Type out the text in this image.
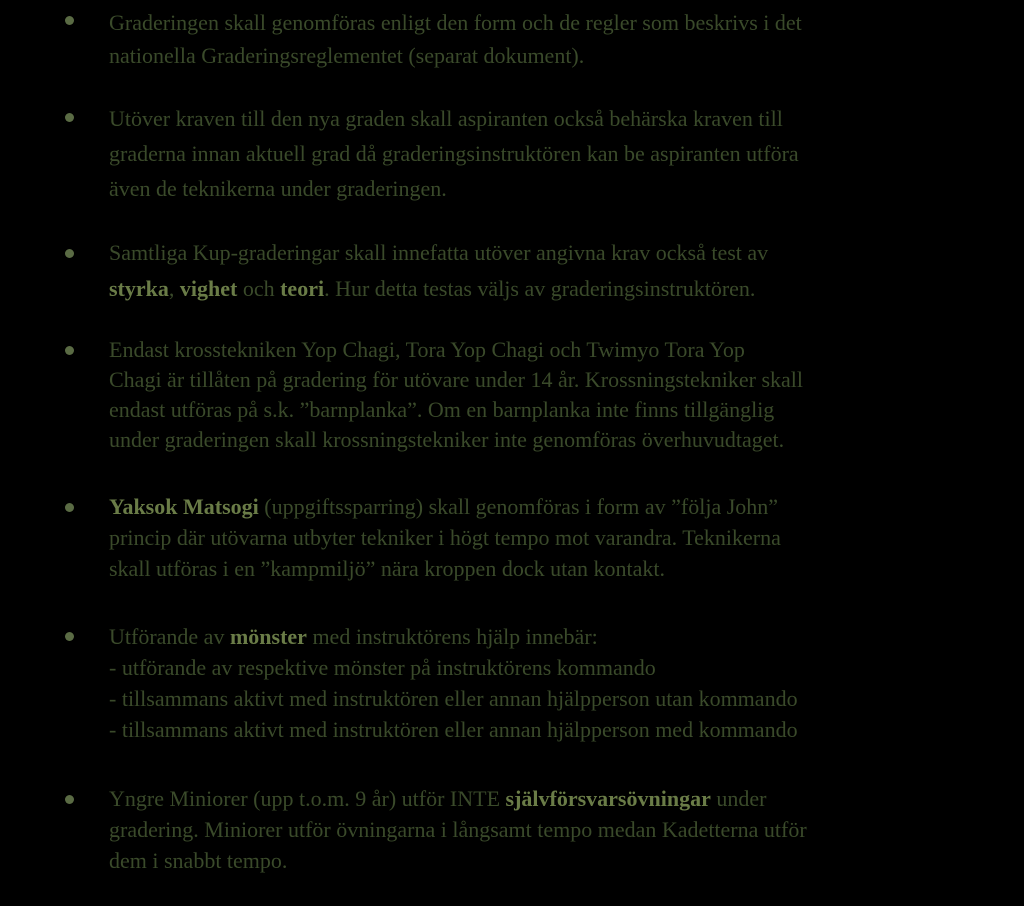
Graderingen skall genomföras enligt den form och de regler som beskrivs i det
nationella Graderingsreglementet (separat dokument).
Utöver kraven till den nya graden skall aspiranten också behärska kraven till
graderna innan aktuell grad då graderingsinstruktören kan be aspiranten utföra
även de teknikerna under graderingen.
Samtliga Kup-graderingar skall innefatta utöver angivna krav också test av
styrka, vighet och teori. Hur detta testas väljs av graderingsinstruktören.
Endast krosstekniken Yop Chagi, Tora Yop Chagi och Twimyo Tora Yop
Chagi är tillåten på gradering för utövare under 14 år. Krossningstekniker skall
endast utföras på s.k. ”barnplanka”. Om en barnplanka inte finns tillgänglig
under graderingen skall krossningstekniker inte genomföras överhuvudtaget.
Yaksok Matsogi (uppgiftssparring) skall genomföras i form av ”följa John”
princip där utövarna utbyter tekniker i högt tempo mot varandra. Teknikerna
skall utföras i en ”kampmiljö” nära kroppen dock utan kontakt.
Utförande av mönster med instruktörens hjälp innebär:
- utförande av respektive mönster på instruktörens kommando
- tillsammans aktivt med instruktören eller annan hjälpperson utan kommando
- tillsammans aktivt med instruktören eller annan hjälpperson med kommando
Yngre Miniorer (upp t.o.m. 9 år) utför INTE självförsvarsövningar under
gradering. Miniorer utför övningarna i långsamt tempo medan Kadetterna utför
dem i snabbt tempo.
